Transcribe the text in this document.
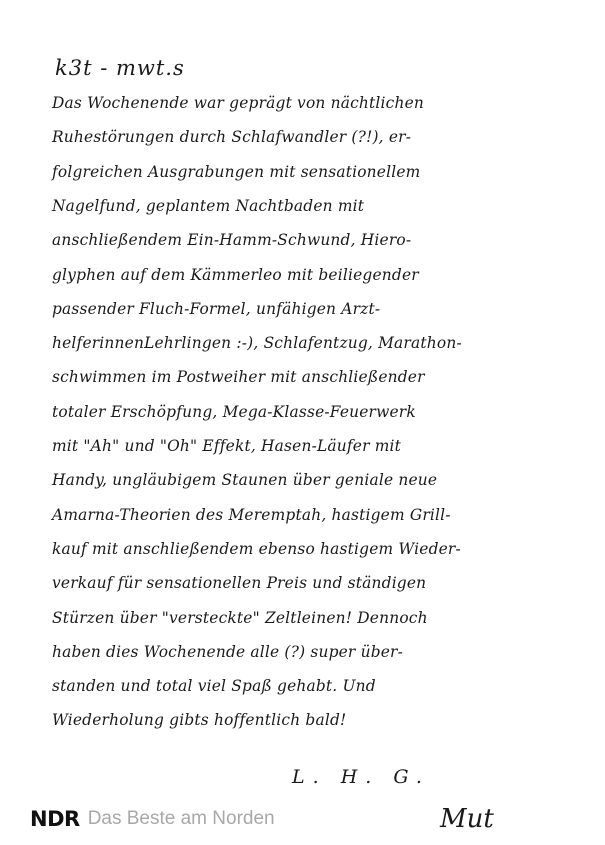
k3t - mwt.s
Das Wochenende war geprägt von nächtlichen
Ruhestörungen durch Schlafwandler (?!), er-
folgreichen Ausgrabungen mit sensationellem
Nagelfund, geplantem Nachtbaden mit
anschließendem Ein-Hamm-Schwund, Hiero-
glyphen auf dem Kämmerleo mit beiliegender
passender Fluch-Formel, unfähigen Arzt-
helferinnenLehrlingen :-), Schlafentzug, Marathon-
schwimmen im Postweiher mit anschließender
totaler Erschöpfung, Mega-Klasse-Feuerwerk
mit "Ah" und "Oh" Effekt, Hasen-Läufer mit
Handy, ungläubigem Staunen über geniale neue
Amarna-Theorien des Meremptah, hastigem Grill-
kauf mit anschließendem ebenso hastigem Wieder-
verkauf für sensationellen Preis und ständigen
Stürzen über "versteckte" Zeltleinen! Dennoch
haben dies Wochenende alle (?) super über-
standen und total viel Spaß gehabt. Und
Wiederholung gibts hoffentlich bald!
L. H. G.
Mut
NDR Das Beste am Norden
